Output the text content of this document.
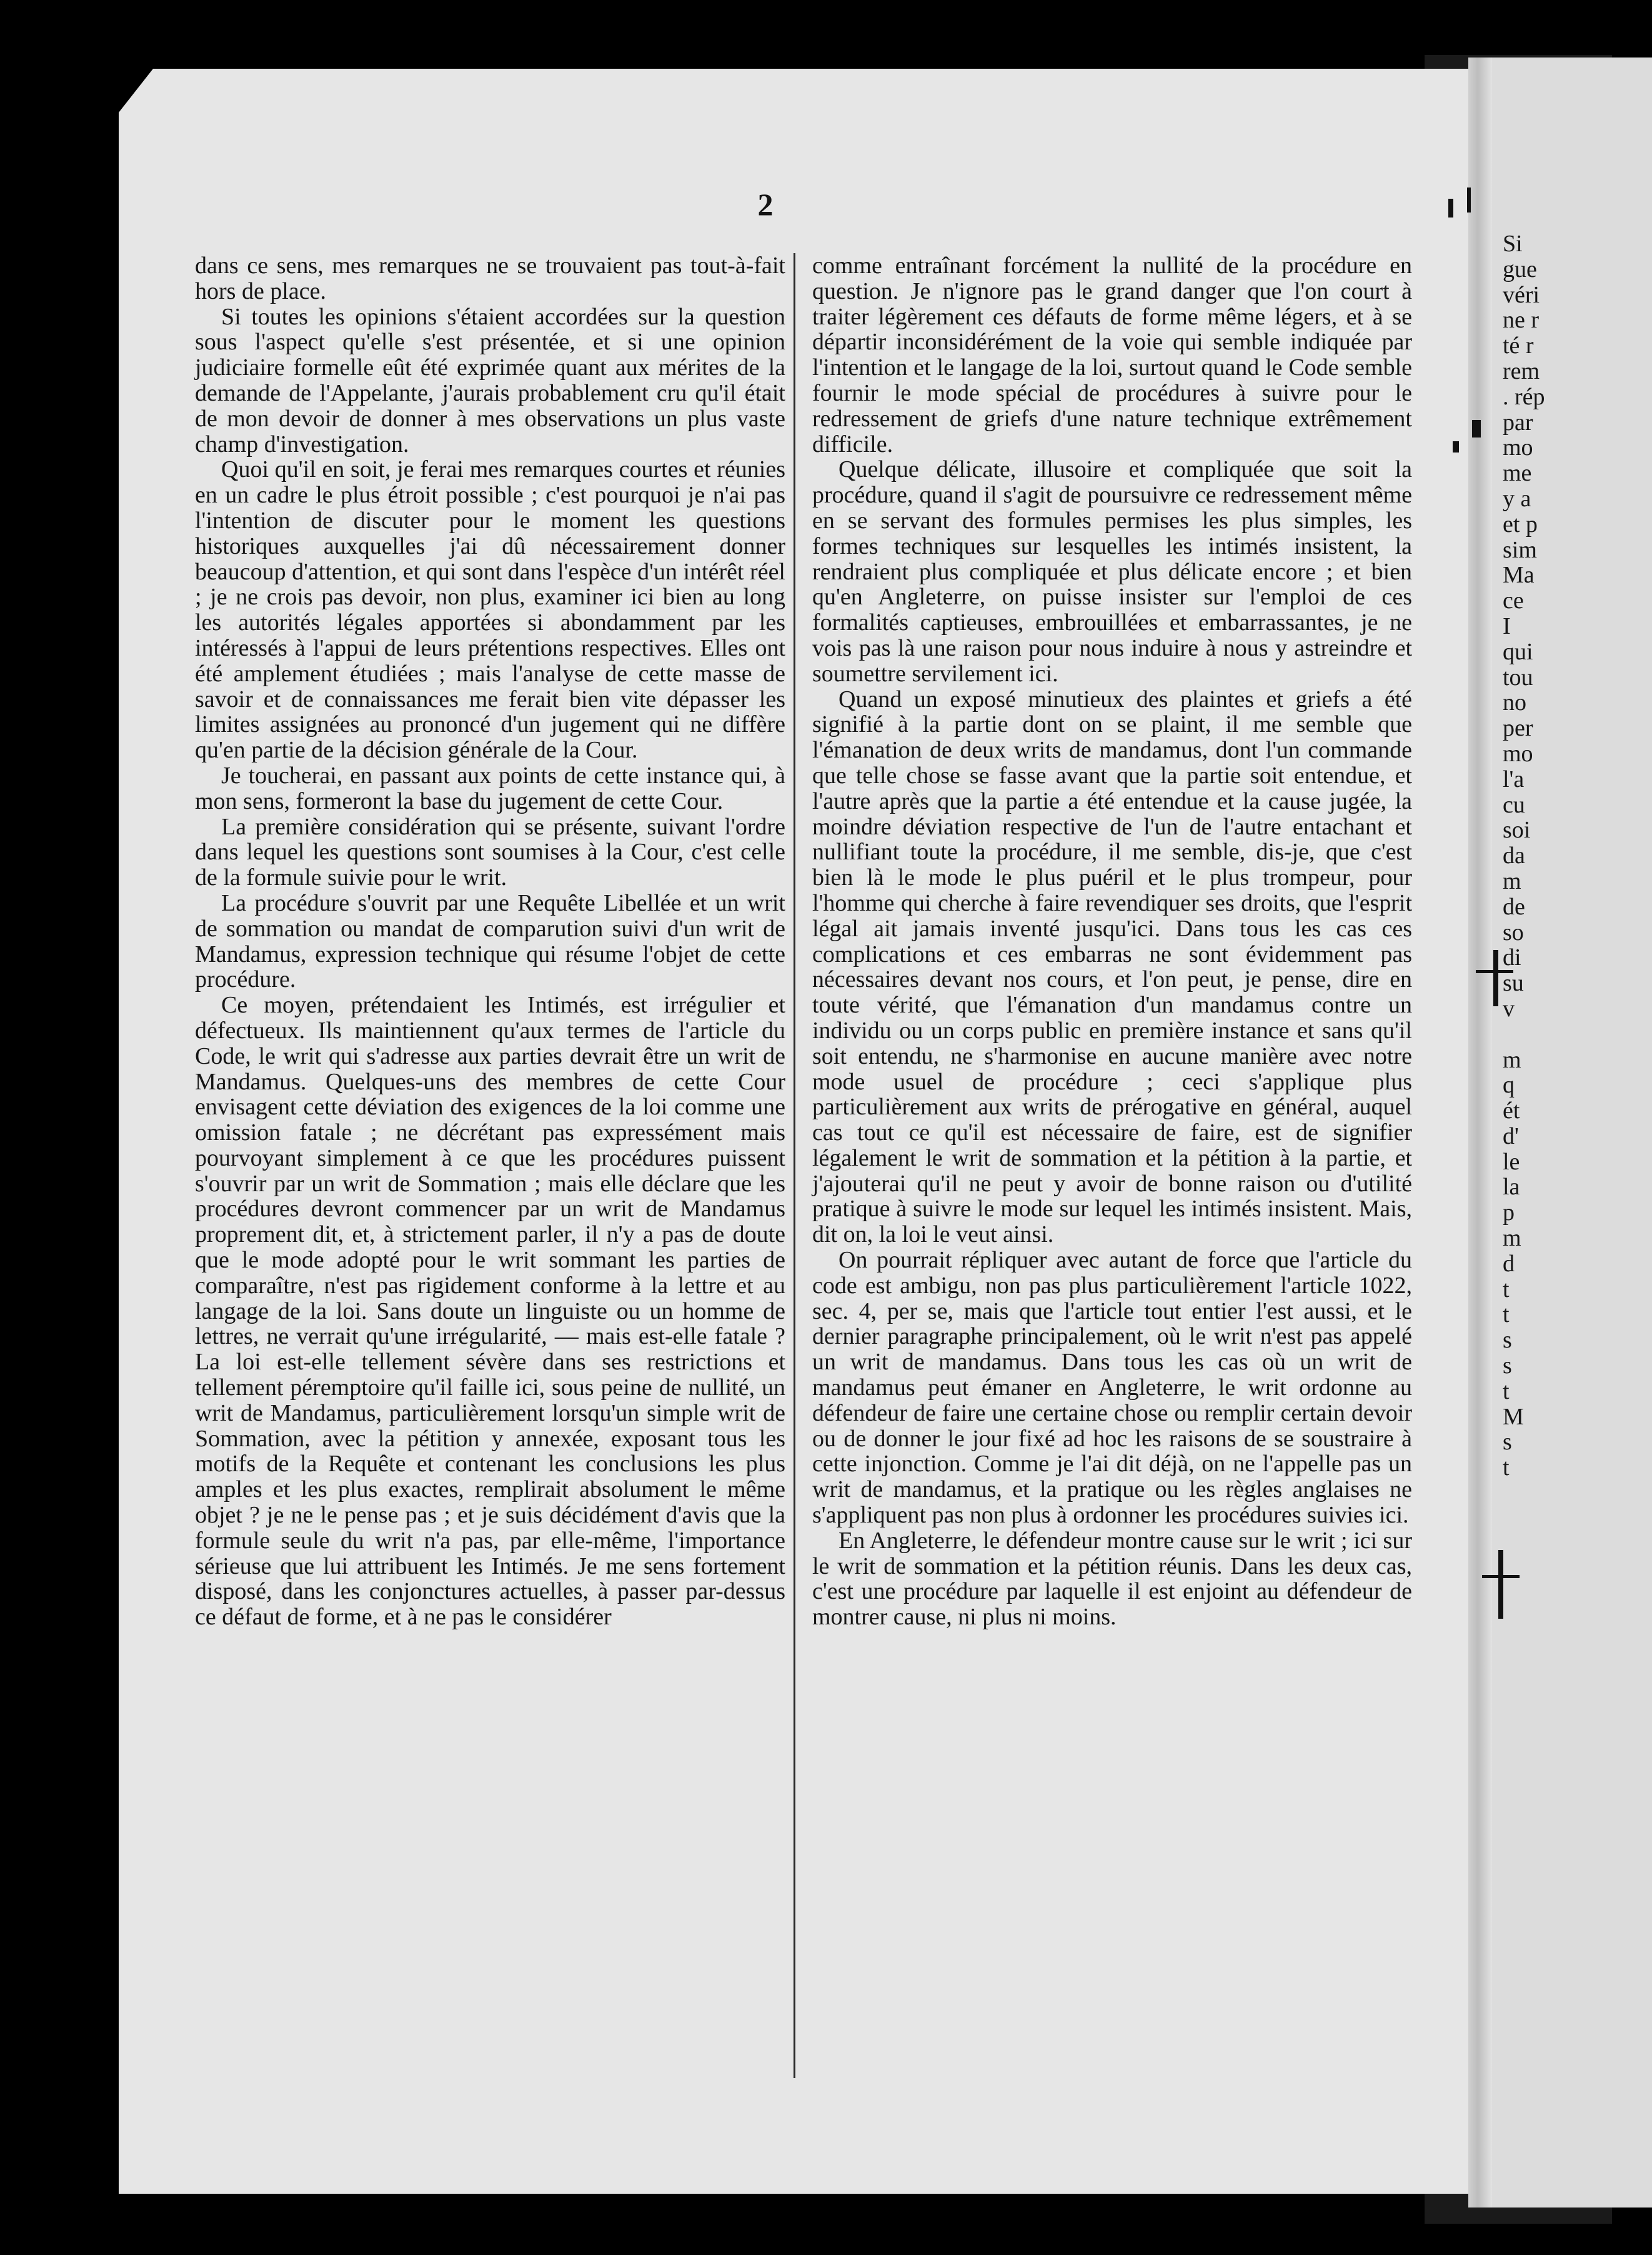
2

dans ce sens, mes remarques ne se trouvaient pas tout-à-fait hors de place.

Si toutes les opinions s'étaient accordées sur la question sous l'aspect qu'elle s'est présentée, et si une opinion judiciaire formelle eût été exprimée quant aux mérites de la demande de l'Appelante, j'aurais probablement cru qu'il était de mon devoir de donner à mes observations un plus vaste champ d'investigation.

Quoi qu'il en soit, je ferai mes remarques courtes et réunies en un cadre le plus étroit possible ; c'est pourquoi je n'ai pas l'intention de discuter pour le moment les questions historiques auxquelles j'ai dû nécessairement donner beaucoup d'attention, et qui sont dans l'espèce d'un intérêt réel ; je ne crois pas devoir, non plus, examiner ici bien au long les autorités légales apportées si abondamment par les intéressés à l'appui de leurs prétentions respectives. Elles ont été amplement étudiées ; mais l'analyse de cette masse de savoir et de connaissances me ferait bien vite dépasser les limites assignées au prononcé d'un jugement qui ne diffère qu'en partie de la décision générale de la Cour.

Je toucherai, en passant aux points de cette instance qui, à mon sens, formeront la base du jugement de cette Cour.

La première considération qui se présente, suivant l'ordre dans lequel les questions sont soumises à la Cour, c'est celle de la formule suivie pour le writ.

La procédure s'ouvrit par une Requête Libellée et un writ de sommation ou mandat de comparution suivi d'un writ de Mandamus, expression technique qui résume l'objet de cette procédure.

Ce moyen, prétendaient les Intimés, est irrégulier et défectueux. Ils maintiennent qu'aux termes de l'article du Code, le writ qui s'adresse aux parties devrait être un writ de Mandamus. Quelques-uns des membres de cette Cour envisagent cette déviation des exigences de la loi comme une omission fatale ; ne décrétant pas expressément mais pourvoyant simplement à ce que les procédures puissent s'ouvrir par un writ de Sommation ; mais elle déclare que les procédures devront commencer par un writ de Mandamus proprement dit, et, à strictement parler, il n'y a pas de doute que le mode adopté pour le writ sommant les parties de comparaître, n'est pas rigidement conforme à la lettre et au langage de la loi. Sans doute un linguiste ou un homme de lettres, ne verrait qu'une irrégularité, — mais est-elle fatale ? La loi est-elle tellement sévère dans ses restrictions et tellement péremptoire qu'il faille ici, sous peine de nullité, un writ de Mandamus, particulièrement lorsqu'un simple writ de Sommation, avec la pétition y annexée, exposant tous les motifs de la Requête et contenant les conclusions les plus amples et les plus exactes, remplirait absolument le même objet ? je ne le pense pas ; et je suis décidément d'avis que la formule seule du writ n'a pas, par elle-même, l'importance sérieuse que lui attribuent les Intimés. Je me sens fortement disposé, dans les conjonctures actuelles, à passer par-dessus ce défaut de forme, et à ne pas le considérer

comme entraînant forcément la nullité de la procédure en question. Je n'ignore pas le grand danger que l'on court à traiter légèrement ces défauts de forme même légers, et à se départir inconsidérément de la voie qui semble indiquée par l'intention et le langage de la loi, surtout quand le Code semble fournir le mode spécial de procédures à suivre pour le redressement de griefs d'une nature technique extrêmement difficile.

Quelque délicate, illusoire et compliquée que soit la procédure, quand il s'agit de poursuivre ce redressement même en se servant des formules permises les plus simples, les formes techniques sur lesquelles les intimés insistent, la rendraient plus compliquée et plus délicate encore ; et bien qu'en Angleterre, on puisse insister sur l'emploi de ces formalités captieuses, embrouillées et embarrassantes, je ne vois pas là une raison pour nous induire à nous y astreindre et soumettre servilement ici.

Quand un exposé minutieux des plaintes et griefs a été signifié à la partie dont on se plaint, il me semble que l'émanation de deux writs de mandamus, dont l'un commande que telle chose se fasse avant que la partie soit entendue, et l'autre après que la partie a été entendue et la cause jugée, la moindre déviation respective de l'un de l'autre entachant et nullifiant toute la procédure, il me semble, dis-je, que c'est bien là le mode le plus puéril et le plus trompeur, pour l'homme qui cherche à faire revendiquer ses droits, que l'esprit légal ait jamais inventé jusqu'ici. Dans tous les cas ces complications et ces embarras ne sont évidemment pas nécessaires devant nos cours, et l'on peut, je pense, dire en toute vérité, que l'émanation d'un mandamus contre un individu ou un corps public en première instance et sans qu'il soit entendu, ne s'harmonise en aucune manière avec notre mode usuel de procédure ; ceci s'applique plus particulièrement aux writs de prérogative en général, auquel cas tout ce qu'il est nécessaire de faire, est de signifier légalement le writ de sommation et la pétition à la partie, et j'ajouterai qu'il ne peut y avoir de bonne raison ou d'utilité pratique à suivre le mode sur lequel les intimés insistent. Mais, dit on, la loi le veut ainsi.

On pourrait répliquer avec autant de force que l'article du code est ambigu, non pas plus particulièrement l'article 1022, sec. 4, per se, mais que l'article tout entier l'est aussi, et le dernier paragraphe principalement, où le writ n'est pas appelé un writ de mandamus. Dans tous les cas où un writ de mandamus peut émaner en Angleterre, le writ ordonne au défendeur de faire une certaine chose ou remplir certain devoir ou de donner le jour fixé ad hoc les raisons de se soustraire à cette injonction. Comme je l'ai dit déjà, on ne l'appelle pas un writ de mandamus, et la pratique ou les règles anglaises ne s'appliquent pas non plus à ordonner les procédures suivies ici.

En Angleterre, le défendeur montre cause sur le writ ; ici sur le writ de sommation et la pétition réunis. Dans les deux cas, c'est une procédure par laquelle il est enjoint au défendeur de montrer cause, ni plus ni moins.

Si
gue
véri
ne r
té r
rem
. rép
par
mo
me
y a
et p
sim
Ma
ce
I
qui
tou
no
per
mo
l'a
cu
soi
da
m
de
so
di
su
v

m
q
ét
d'
le
la
p
m
d
t
t
s
s
t
M
s
t
